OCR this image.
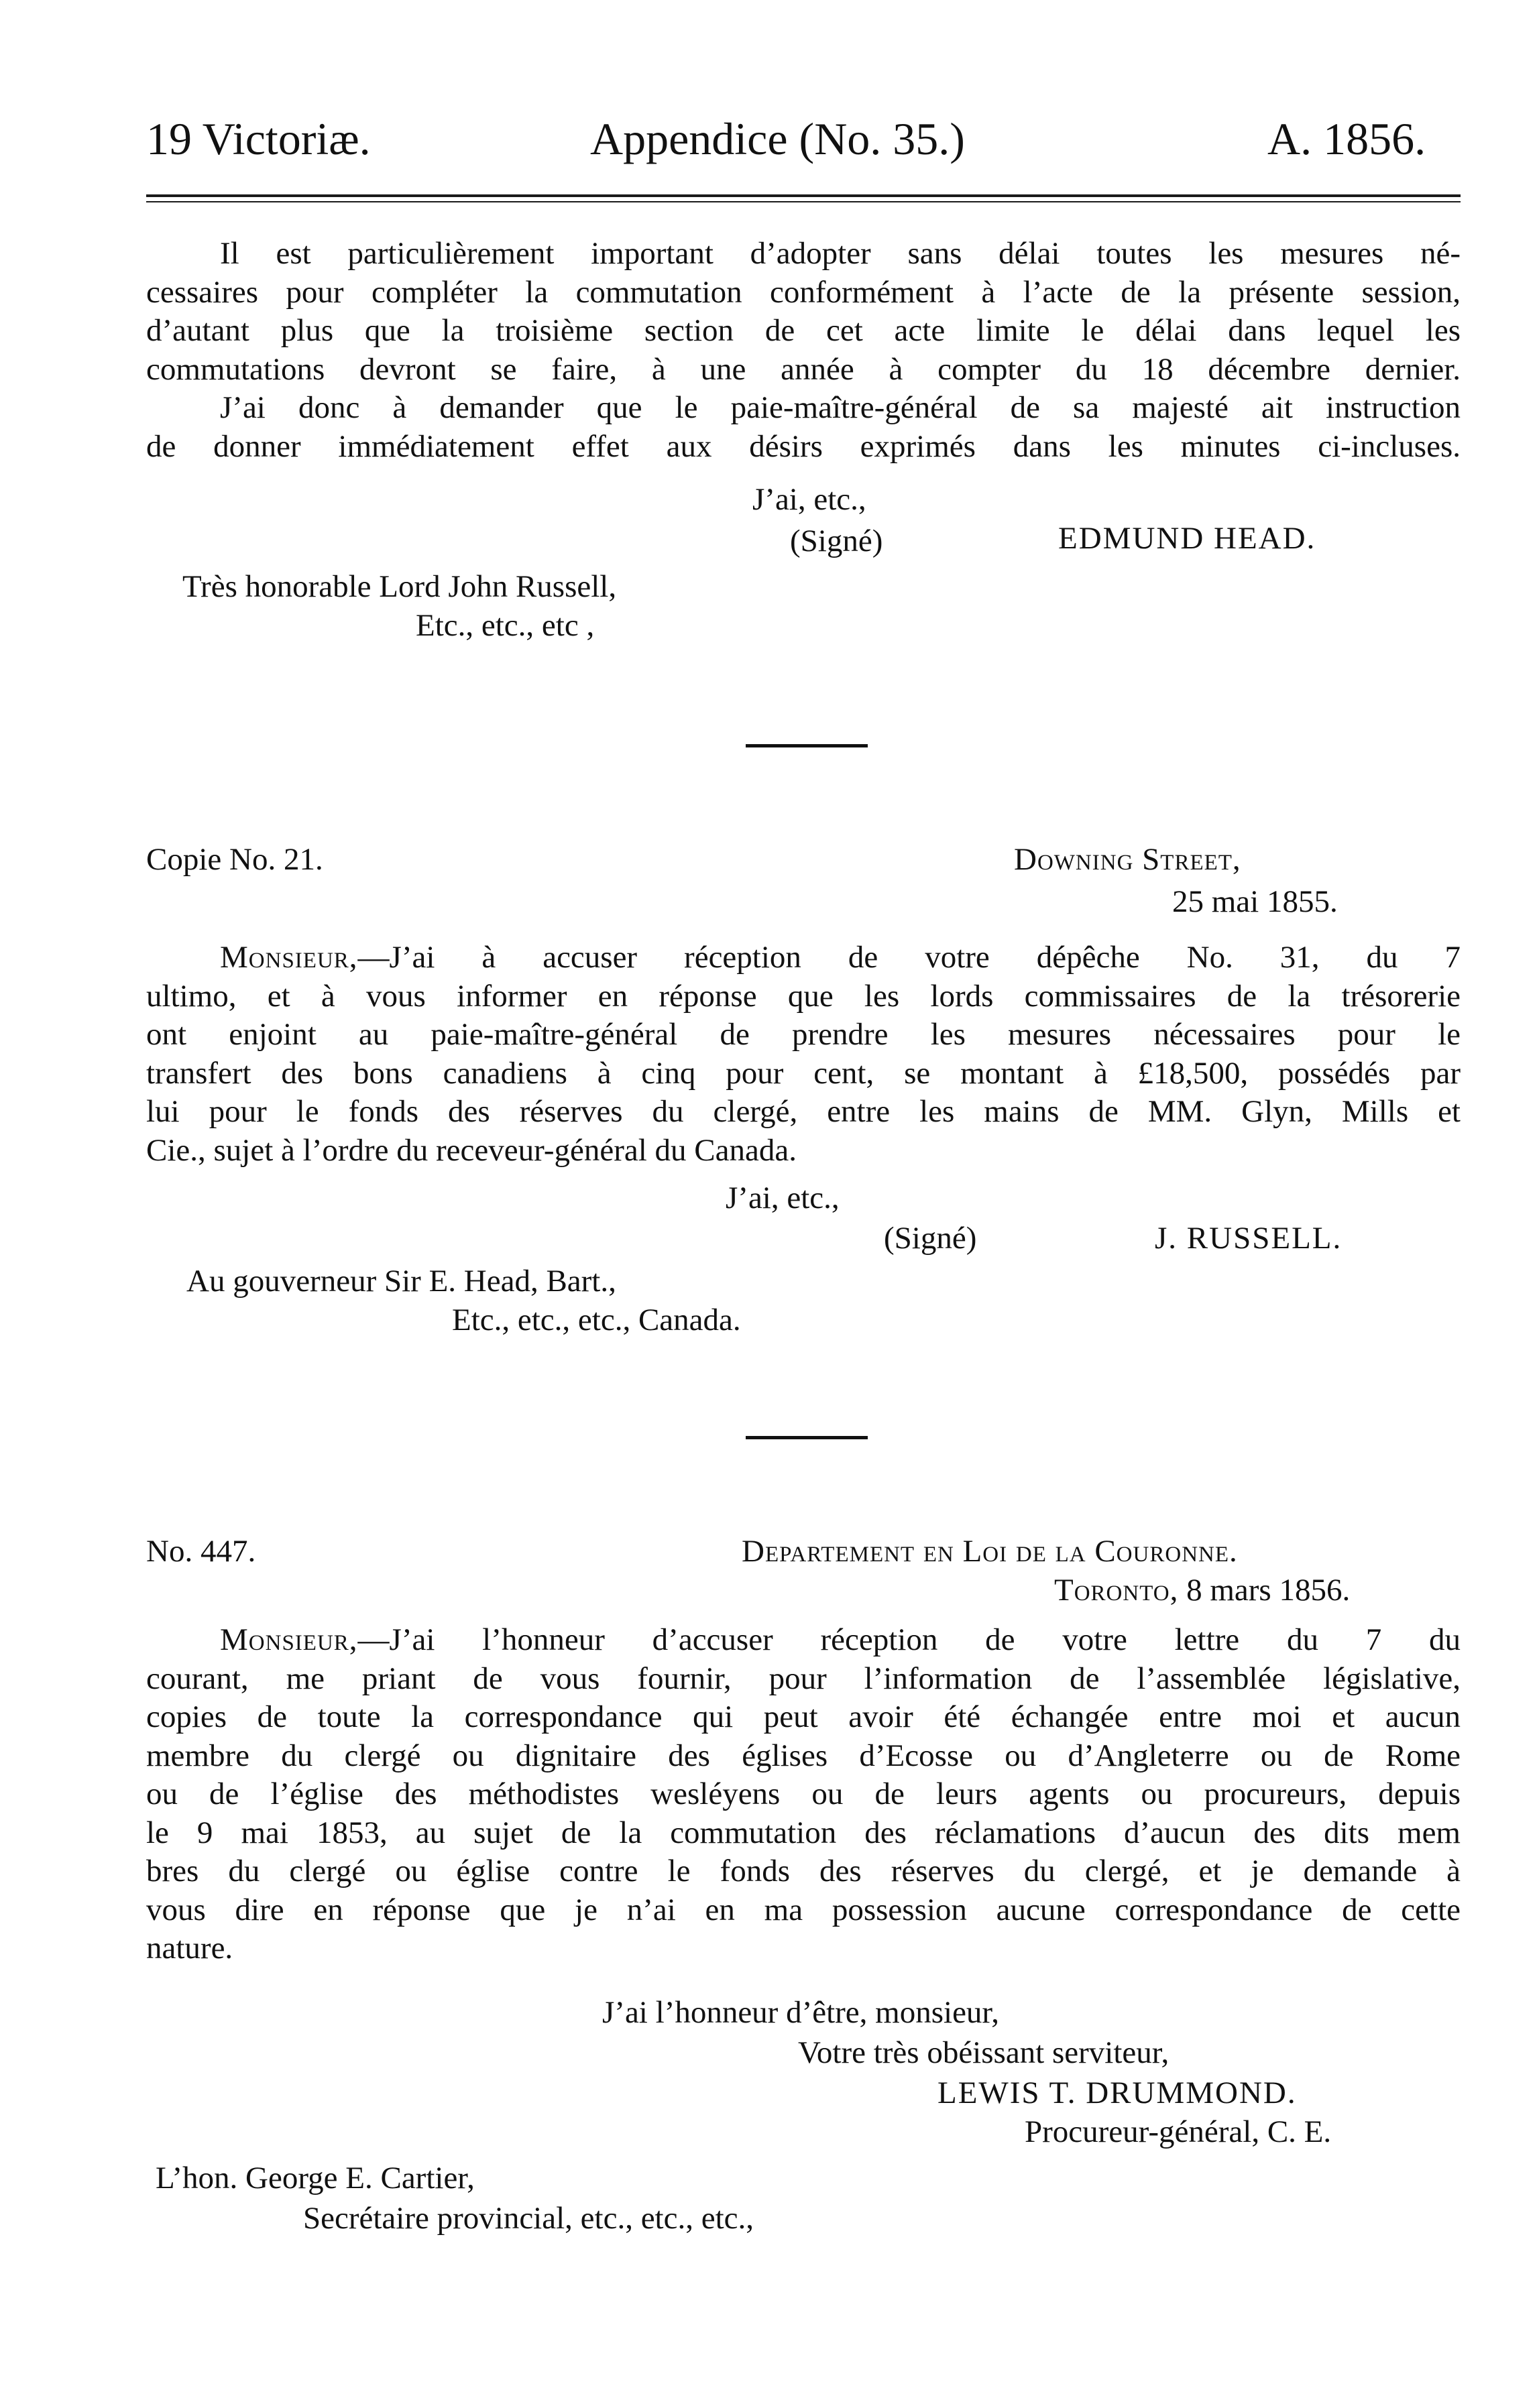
19 Victoriæ.	Appendice (No. 35.)	A. 1856.
Il est particulièrement important d’adopter sans délai toutes les mesures né-
cessaires pour compléter la commutation conformément à l’acte de la présente session,
d’autant plus que la troisième section de cet acte limite le délai dans lequel les
commutations devront se faire, à une année à compter du 18 décembre dernier.
J’ai donc à demander que le paie-maître-général de sa majesté ait instruction
de donner immédiatement effet aux désirs exprimés dans les minutes ci-incluses.
J’ai, etc.,
(Signé)	EDMUND HEAD.
Très honorable Lord John Russell,
Etc., etc., etc ,
Copie No. 21.	Downing Street,
25 mai 1855.
Monsieur,—J’ai à accuser réception de votre dépêche No. 31, du 7
ultimo, et à vous informer en réponse que les lords commissaires de la trésorerie
ont enjoint au paie-maître-général de prendre les mesures nécessaires pour le
transfert des bons canadiens à cinq pour cent, se montant à £18,500, possédés par
lui pour le fonds des réserves du clergé, entre les mains de MM. Glyn, Mills et
Cie., sujet à l’ordre du receveur-général du Canada.
J’ai, etc.,
(Signé)	J. RUSSELL.
Au gouverneur Sir E. Head, Bart.,
Etc., etc., etc., Canada.
No. 447.	Departement en Loi de la Couronne.
Toronto, 8 mars 1856.
Monsieur,—J’ai l’honneur d’accuser réception de votre lettre du 7 du
courant, me priant de vous fournir, pour l’information de l’assemblée législative,
copies de toute la correspondance qui peut avoir été échangée entre moi et aucun
membre du clergé ou dignitaire des églises d’Ecosse ou d’Angleterre ou de Rome
ou de l’église des méthodistes wesléyens ou de leurs agents ou procureurs, depuis
le 9 mai 1853, au sujet de la commutation des réclamations d’aucun des dits mem
bres du clergé ou église contre le fonds des réserves du clergé, et je demande à
vous dire en réponse que je n’ai en ma possession aucune correspondance de cette
nature.
J’ai l’honneur d’être, monsieur,
Votre très obéissant serviteur,
LEWIS T. DRUMMOND.
Procureur-général, C. E.
L’hon. George E. Cartier,
Secrétaire provincial, etc., etc., etc.,
